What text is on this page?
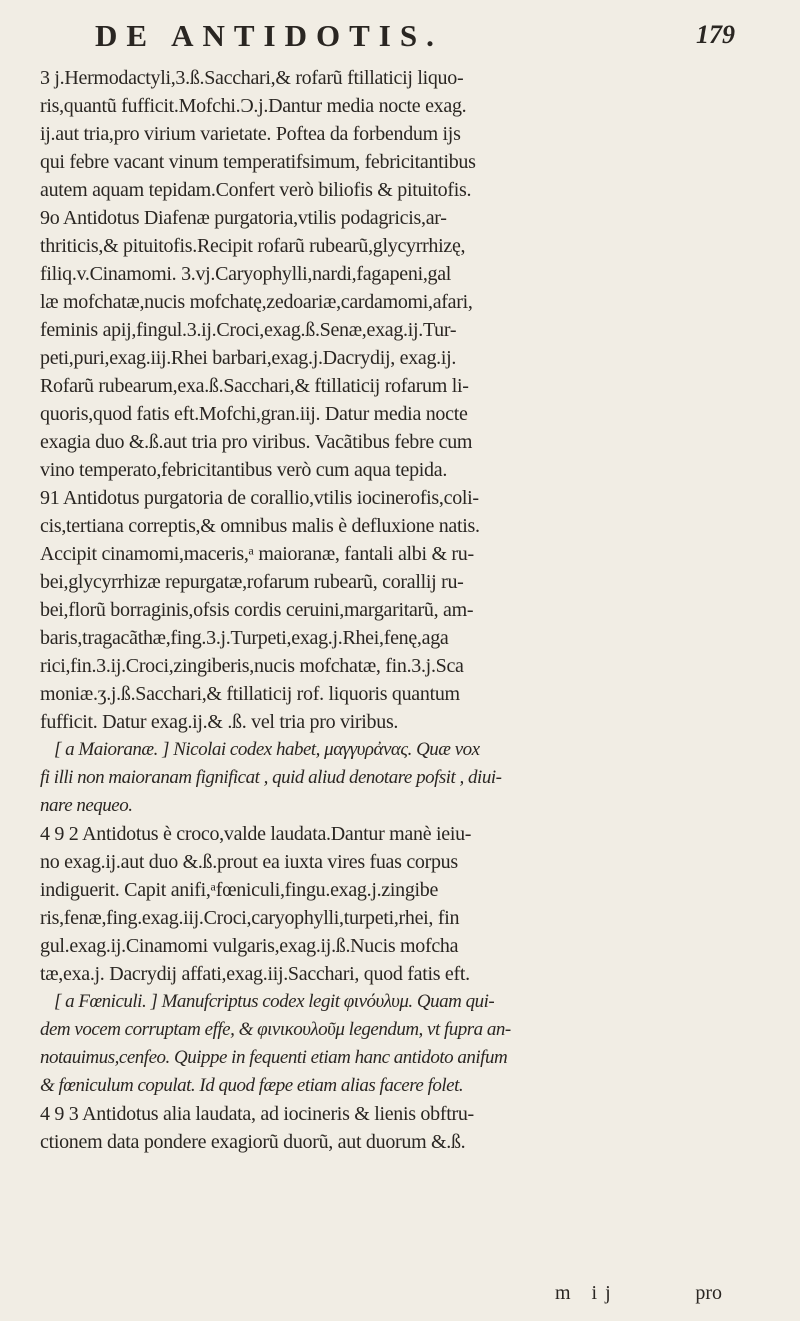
DE ANTIDOTIS.	179
3 j.Hermodactyli,3.ß.Sacchari,& rofarũ ftillaticij liquo-
ris,quantũ fufficit.Mofchi.Ɔ.j.Dantur media nocte exag.
ij.aut tria,pro virium varietate. Poftea da forbendum ijs
qui febre vacant vinum temperatifsimum, febricitantibus
autem aquam tepidam.Confert verò biliofis & pituitofis.
9o Antidotus Diafenæ purgatoria,vtilis podagricis,ar-
thriticis,& pituitofis.Recipit rofarũ rubearũ,glycyrrhizę,
filiq.v.Cinamomi. 3.vj.Caryophylli,nardi,fagapeni,gal
læ mofchatæ,nucis mofchatę,zedoariæ,cardamomi,afari,
feminis apij,fingul.3.ij.Croci,exag.ß.Senæ,exag.ij.Tur-
peti,puri,exag.iij.Rhei barbari,exag.j.Dacrydij, exag.ij.
Rofarũ rubearum,exa.ß.Sacchari,& ftillaticij rofarum li-
quoris,quod fatis eft.Mofchi,gran.iij. Datur media nocte
exagia duo &.ß.aut tria pro viribus. Vacãtibus febre cum
vino temperato,febricitantibus verò cum aqua tepida.
91 Antidotus purgatoria de corallio,vtilis iocinerofis,coli-
cis,tertiana correptis,& omnibus malis è defluxione natis.
Accipit cinamomi,maceris,ᵃ maioranæ, fantali albi & ru-
bei,glycyrrhizæ repurgatæ,rofarum rubearũ, corallij ru-
bei,florũ borraginis,ofsis cordis ceruini,margaritarũ, am-
baris,tragacãthæ,fing.3.j.Turpeti,exag.j.Rhei,fenę,aga
rici,fin.3.ij.Croci,zingiberis,nucis mofchatæ, fin.3.j.Sca
moniæ.ʒ.j.ß.Sacchari,& ftillaticij rof. liquoris quantum
fufficit. Datur exag.ij.& .ß. vel tria pro viribus.
[ a Maioranæ. ] Nicolai codex habet, μαγγυρἀνας. Quæ vox
fi illi non maioranam fignificat , quid aliud denotare pofsit , diui-
nare nequeo.
4 9 2 Antidotus è croco,valde laudata.Dantur manè ieiu-
no exag.ij.aut duo &.ß.prout ea iuxta vires fuas corpus
indiguerit. Capit anifi,ᵃfœniculi,fingu.exag.j.zingibe
ris,fenæ,fing.exag.iij.Croci,caryophylli,turpeti,rhei, fin
gul.exag.ij.Cinamomi vulgaris,exag.ij.ß.Nucis mofcha
tæ,exa.j. Dacrydij affati,exag.iij.Sacchari, quod fatis eft.
[ a Fœniculi. ] Manufcriptus codex legit φινόυλυμ. Quam qui-
dem vocem corruptam effe, & φινικουλοῦμ legendum, vt fupra an-
notauimus,cenfeo. Quippe in fequenti etiam hanc antidoto anifum
& fœniculum copulat. Id quod fæpe etiam alias facere folet.
4 9 3 Antidotus alia laudata, ad iocineris & lienis obftru-
ctionem data pondere exagiorũ duorũ, aut duorum &.ß.
m ij	pro
